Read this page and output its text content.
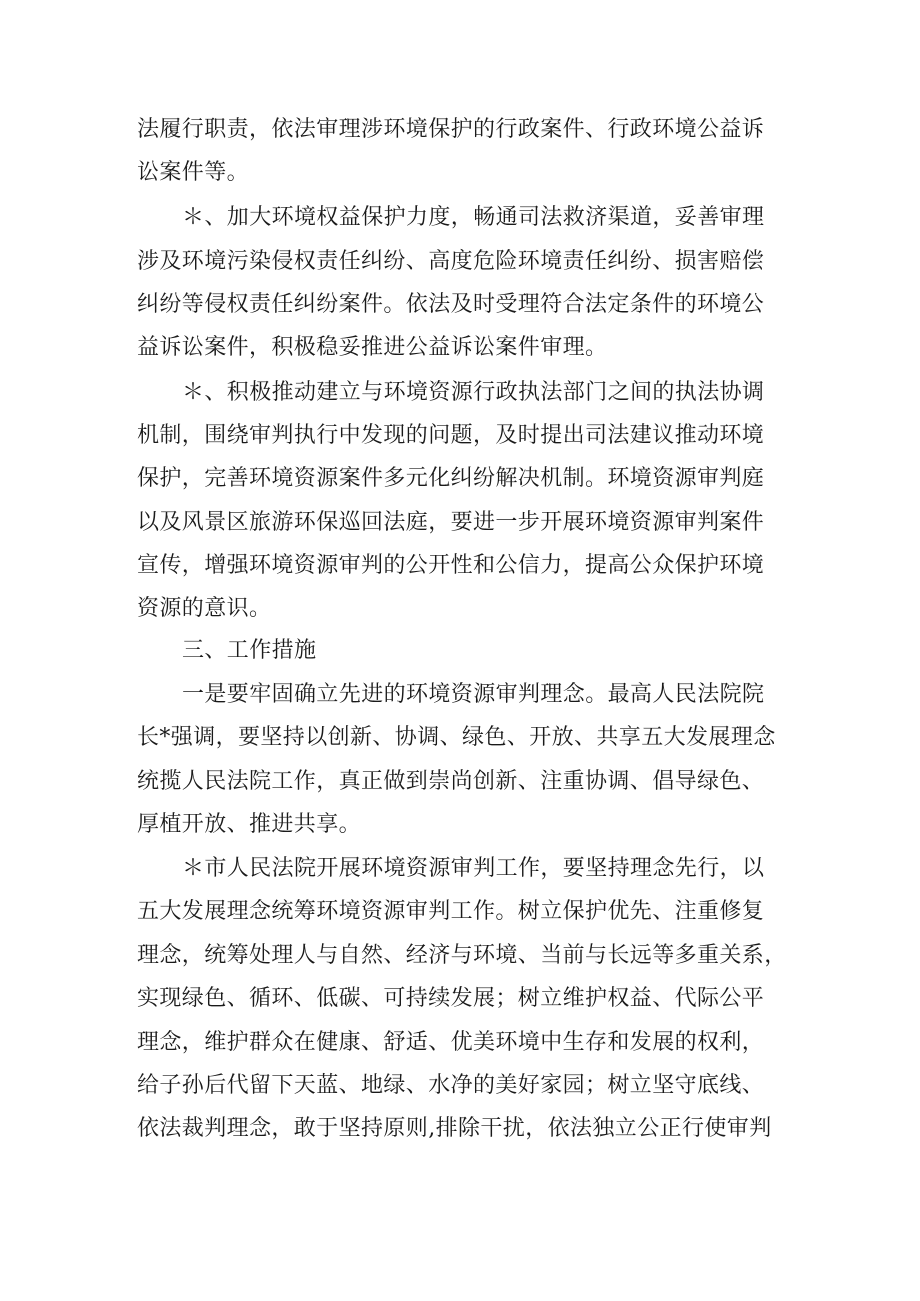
法履行职责，依法审理涉环境保护的行政案件、行政环境公益诉

讼案件等。

＊、加大环境权益保护力度，畅通司法救济渠道，妥善审理

涉及环境污染侵权责任纠纷、高度危险环境责任纠纷、损害赔偿

纠纷等侵权责任纠纷案件。依法及时受理符合法定条件的环境公

益诉讼案件，积极稳妥推进公益诉讼案件审理。

＊、积极推动建立与环境资源行政执法部门之间的执法协调

机制，围绕审判执行中发现的问题，及时提出司法建议推动环境

保护，完善环境资源案件多元化纠纷解决机制。环境资源审判庭

以及风景区旅游环保巡回法庭，要进一步开展环境资源审判案件

宣传，增强环境资源审判的公开性和公信力，提高公众保护环境

资源的意识。

三、工作措施

一是要牢固确立先进的环境资源审判理念。最高人民法院院

长*强调，要坚持以创新、协调、绿色、开放、共享五大发展理念

统揽人民法院工作，真正做到崇尚创新、注重协调、倡导绿色、

厚植开放、推进共享。

＊市人民法院开展环境资源审判工作，要坚持理念先行，以

五大发展理念统筹环境资源审判工作。树立保护优先、注重修复

理念，统筹处理人与自然、经济与环境、当前与长远等多重关系，

实现绿色、循环、低碳、可持续发展；树立维护权益、代际公平

理念，维护群众在健康、舒适、优美环境中生存和发展的权利，

给子孙后代留下天蓝、地绿、水净的美好家园；树立坚守底线、

依法裁判理念，敢于坚持原则,排除干扰，依法独立公正行使审判
